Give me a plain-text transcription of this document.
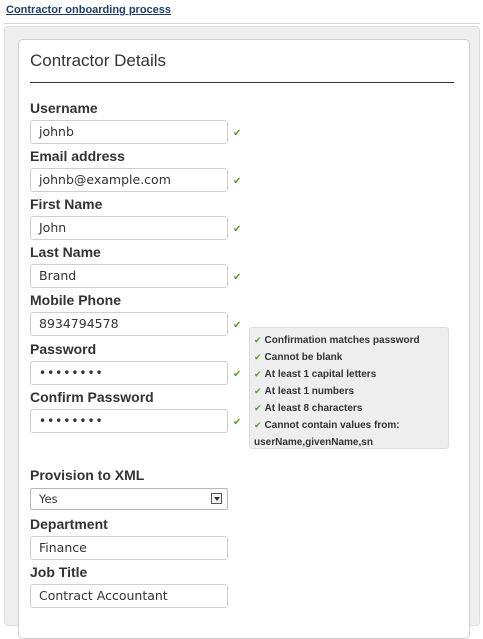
Contractor onboarding process
Contractor Details
Username
johnb	✔
Email address
johnb@example.com	✔
First Name
John	✔
Last Name
Brand	✔
Mobile Phone
8934794578	✔
Password
••••••••	✔
Confirm Password
••••••••	✔
✔ Confirmation matches password
✔ Cannot be blank
✔ At least 1 capital letters
✔ At least 1 numbers
✔ At least 8 characters
✔ Cannot contain values from:
userName,givenName,sn
Provision to XML
Yes
Department
Finance
Job Title
Contract Accountant
